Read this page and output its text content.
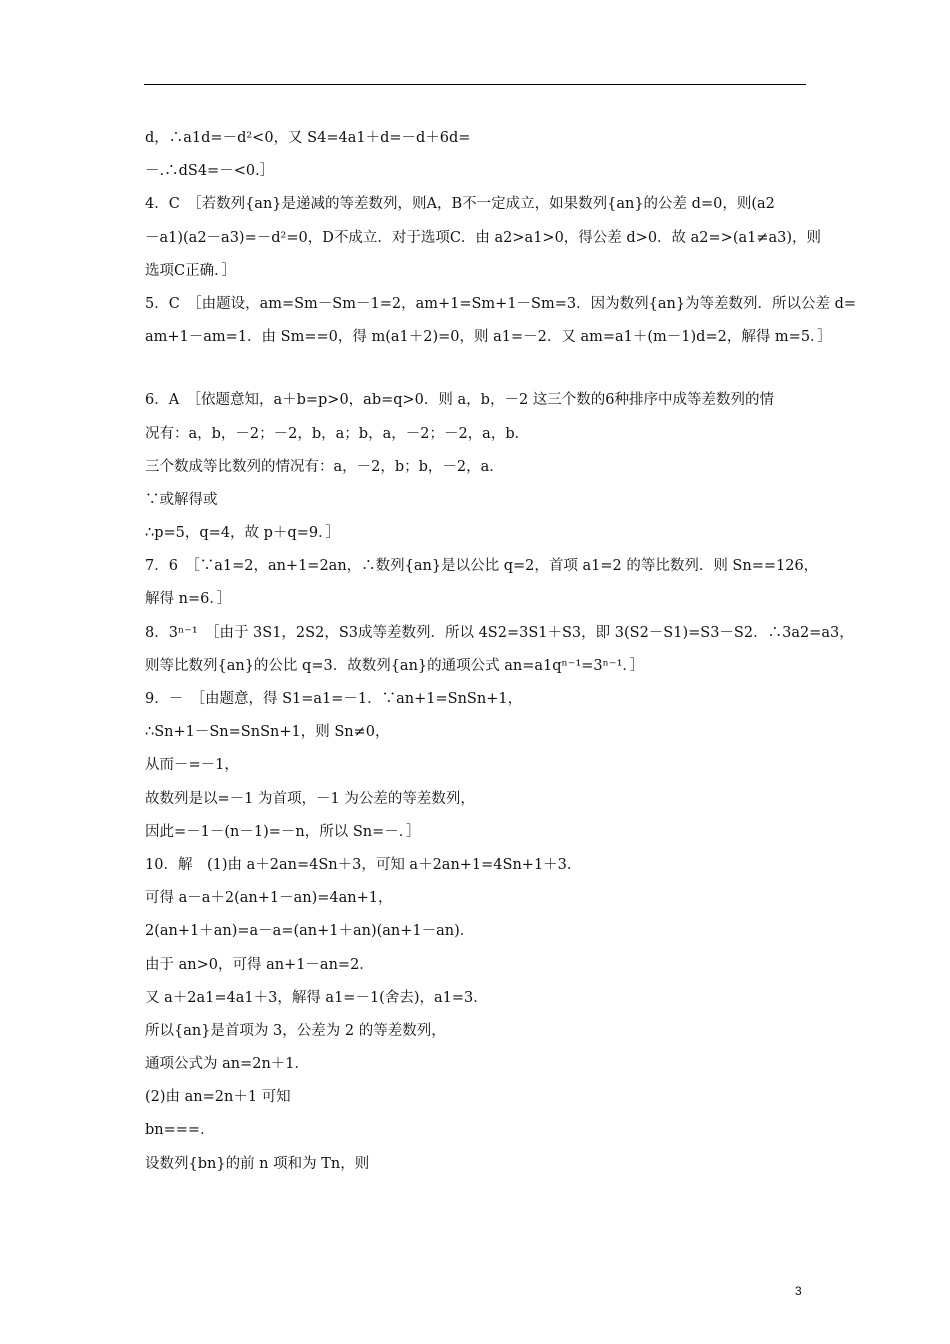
d，∴a1d=－d²<0，又 S4=4a1＋d=－d＋6d=
－.∴dS4=－<0.］
4．C　［若数列{an}是递减的等差数列，则A，B不一定成立，如果数列{an}的公差 d=0，则(a2
－a1)(a2－a3)=－d²=0，D不成立．对于选项C．由 a2>a1>0，得公差 d>0．故 a2=>(a1≠a3)，则
选项C正确．］
5．C　［由题设，am=Sm－Sm－1=2，am+1=Sm+1－Sm=3．因为数列{an}为等差数列．所以公差 d=
am+1－am=1．由 Sm==0，得 m(a1＋2)=0，则 a1=－2．又 am=a1＋(m－1)d=2，解得 m=5．］
6．A　［依题意知，a＋b=p>0，ab=q>0．则 a，b，－2 这三个数的6种排序中成等差数列的情
况有：a，b，－2；－2，b，a；b，a，－2；－2，a，b．
三个数成等比数列的情况有：a，－2，b；b，－2，a．
∵或解得或
∴p=5，q=4，故 p＋q=9．］
7．6　［∵a1=2，an+1=2an，∴数列{an}是以公比 q=2，首项 a1=2 的等比数列．则 Sn==126，
解得 n=6．］
8．3ⁿ⁻¹　［由于 3S1，2S2，S3成等差数列．所以 4S2=3S1＋S3，即 3(S2－S1)=S3－S2．∴3a2=a3，
则等比数列{an}的公比 q=3．故数列{an}的通项公式 an=a1qⁿ⁻¹=3ⁿ⁻¹．］
9．－　［由题意，得 S1=a1=－1．∵an+1=SnSn+1，
∴Sn+1－Sn=SnSn+1，则 Sn≠0，
从而－=－1，
故数列是以=－1 为首项，－1 为公差的等差数列，
因此=－1－(n－1)=－n，所以 Sn=－．］
10．解　(1)由 a＋2an=4Sn＋3，可知 a＋2an+1=4Sn+1＋3．
可得 a－a＋2(an+1－an)=4an+1，
2(an+1＋an)=a－a=(an+1＋an)(an+1－an)．
由于 an>0，可得 an+1－an=2．
又 a＋2a1=4a1＋3，解得 a1=－1(舍去)，a1=3．
所以{an}是首项为 3，公差为 2 的等差数列，
通项公式为 an=2n＋1．
(2)由 an=2n＋1 可知
bn===．
设数列{bn}的前 n 项和为 Tn，则
3
